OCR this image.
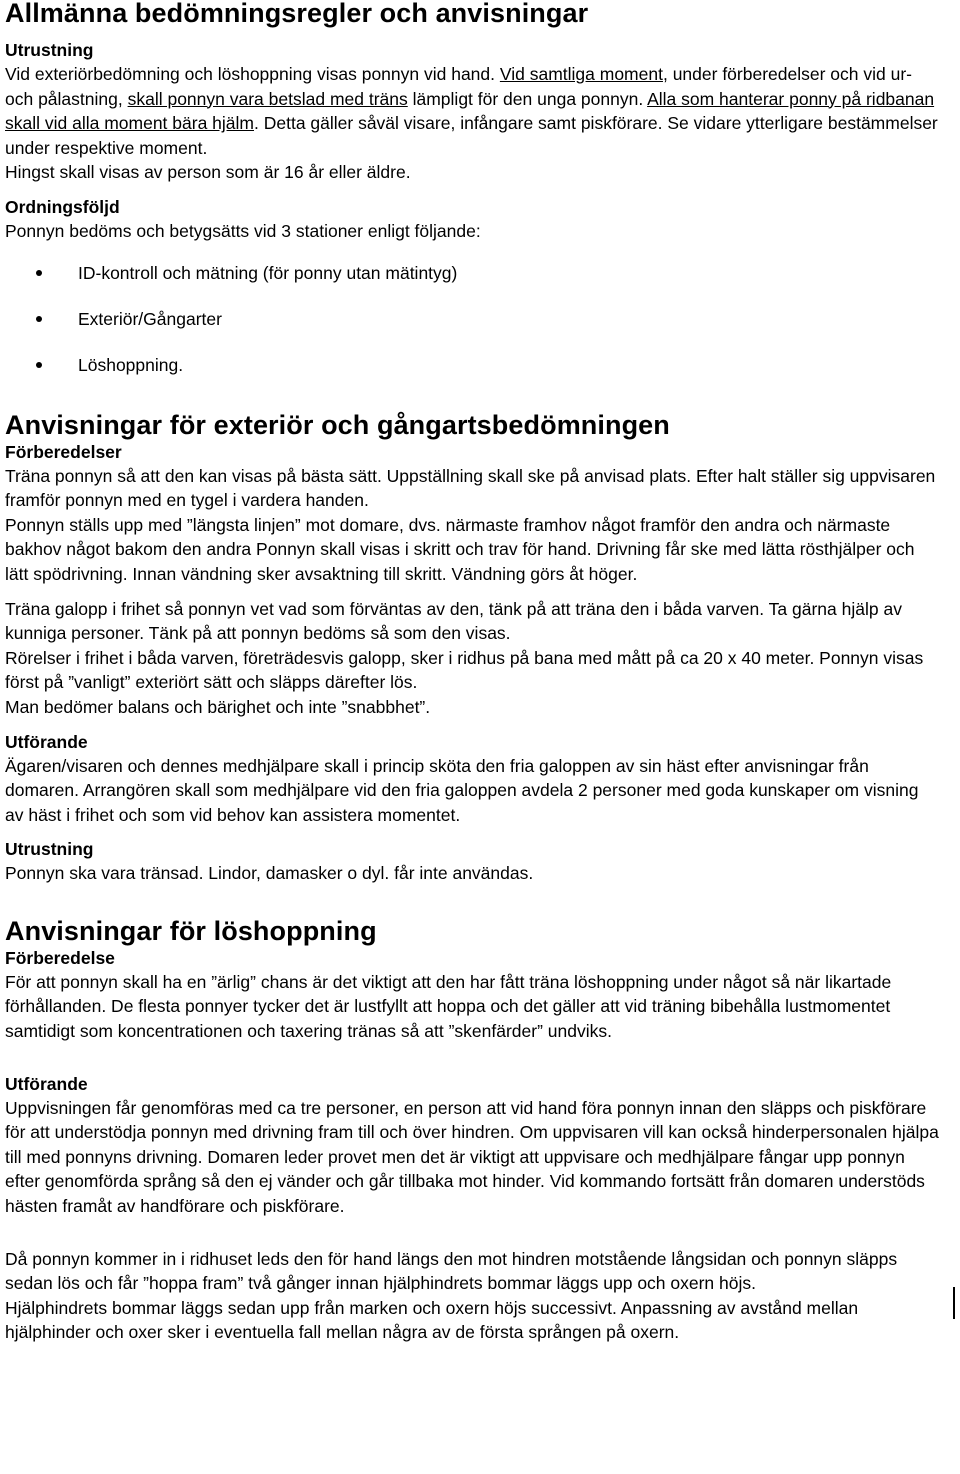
Allmänna bedömningsregler och anvisningar
Utrustning

Vid exteriörbedömning och löshoppning visas ponnyn vid hand. Vid samtliga moment, under förberedelser och vid ur- och pålastning, skall ponnyn vara betslad med träns lämpligt för den unga ponnyn. Alla som hanterar ponny på ridbanan skall vid alla moment bära hjälm. Detta gäller såväl visare, infångare samt piskförare. Se vidare ytterligare bestämmelser under respektive moment.

Hingst skall visas av person som är 16 år eller äldre.

Ordningsföljd

Ponnyn bedöms och betygsätts vid 3 stationer enligt följande:

ID-kontroll och mätning (för ponny utan mätintyg)
Exteriör/Gångarter
Löshoppning.
Anvisningar för exteriör och gångartsbedömningen
Förberedelser

Träna ponnyn så att den kan visas på bästa sätt. Uppställning skall ske på anvisad plats. Efter halt ställer sig uppvisaren framför ponnyn med en tygel i vardera handen.

Ponnyn ställs upp med ”längsta linjen” mot domare, dvs. närmaste framhov något framför den andra och närmaste bakhov något bakom den andra Ponnyn skall visas i skritt och trav för hand. Drivning får ske med lätta rösthjälper och lätt spödrivning. Innan vändning sker avsaktning till skritt. Vändning görs åt höger.

Träna galopp i frihet så ponnyn vet vad som förväntas av den, tänk på att träna den i båda varven. Ta gärna hjälp av kunniga personer. Tänk på att ponnyn bedöms så som den visas.

Rörelser i frihet i båda varven, företrädesvis galopp, sker i ridhus på bana med mått på ca 20 x 40 meter. Ponnyn visas först på ”vanligt” exteriört sätt och släpps därefter lös.

Man bedömer balans och bärighet och inte ”snabbhet”.

Utförande

Ägaren/visaren och dennes medhjälpare skall i princip sköta den fria galoppen av sin häst efter anvisningar från domaren. Arrangören skall som medhjälpare vid den fria galoppen avdela 2 personer med goda kunskaper om visning av häst i frihet och som vid behov kan assistera momentet.

Utrustning

Ponnyn ska vara tränsad. Lindor, damasker o dyl. får inte användas.

Anvisningar för löshoppning
Förberedelse

För att ponnyn skall ha en ”ärlig” chans är det viktigt att den har fått träna löshoppning under något så när likartade förhållanden. De flesta ponnyer tycker det är lustfyllt att hoppa och det gäller att vid träning bibehålla lustmomentet samtidigt som koncentrationen och taxering tränas så att ”skenfärder” undviks.

Utförande

Uppvisningen får genomföras med ca tre personer, en person att vid hand föra ponnyn innan den släpps och piskförare för att understödja ponnyn med drivning fram till och över hindren. Om uppvisaren vill kan också hinderpersonalen hjälpa till med ponnyns drivning. Domaren leder provet men det är viktigt att uppvisare och medhjälpare fångar upp ponnyn efter genomförda språng så den ej vänder och går tillbaka mot hinder. Vid kommando fortsätt från domaren understöds hästen framåt av handförare och piskförare.

Då ponnyn kommer in i ridhuset leds den för hand längs den mot hindren motstående långsidan och ponnyn släpps sedan lös och får ”hoppa fram” två gånger innan hjälphindrets bommar läggs upp och oxern höjs.

Hjälphindrets bommar läggs sedan upp från marken och oxern höjs successivt. Anpassning av avstånd mellan hjälphinder och oxer sker i eventuella fall mellan några av de första sprången på oxern.
